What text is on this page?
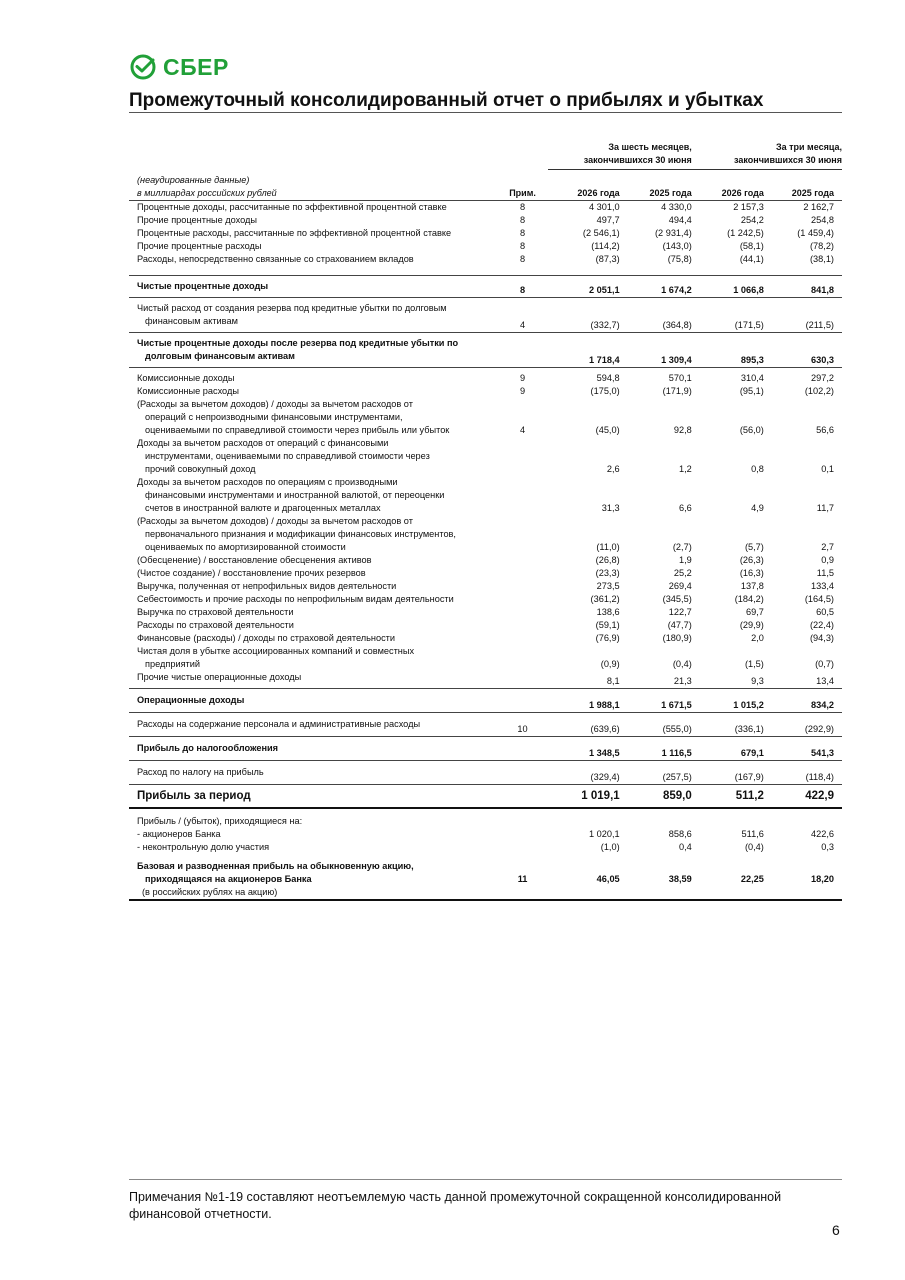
СБЕР
Промежуточный консолидированный отчет о прибылях и убытках
		За шесть месяцев,
закончившихся 30 июня		За три месяца,
закончившихся 30 июня	
(неаудированные данные)					
в миллиардах российских рублей	Прим.	2026 года	2025 года	2026 года	2025 года
Процентные доходы, рассчитанные по эффективной процентной ставке	8	4 301,0	4 330,0	2 157,3	2 162,7
Прочие процентные доходы	8	497,7	494,4	254,2	254,8
Процентные расходы, рассчитанные по эффективной процентной ставке	8	(2 546,1)	(2 931,4)	(1 242,5)	(1 459,4)
Прочие процентные расходы	8	(114,2)	(143,0)	(58,1)	(78,2)
Расходы, непосредственно связанные со страхованием вкладов	8	(87,3)	(75,8)	(44,1)	(38,1)

Чистые процентные доходы	8	2 051,1	1 674,2	1 066,8	841,8
Чистый расход от создания резерва под кредитные убытки по долговым					
финансовым активам	4	(332,7)	(364,8)	(171,5)	(211,5)
Чистые процентные доходы после резерва под кредитные убытки по					
долговым финансовым активам		1 718,4	1 309,4	895,3	630,3
Комиссионные доходы	9	594,8	570,1	310,4	297,2
Комиссионные расходы	9	(175,0)	(171,9)	(95,1)	(102,2)
(Расходы за вычетом доходов) / доходы за вычетом расходов от					
операций с непроизводными финансовыми инструментами,					
оцениваемыми по справедливой стоимости через прибыль или убыток	4	(45,0)	92,8	(56,0)	56,6
Доходы за вычетом расходов от операций с финансовыми					
инструментами, оцениваемыми по справедливой стоимости через					
прочий совокупный доход		2,6	1,2	0,8	0,1
Доходы за вычетом расходов по операциям с производными					
финансовыми инструментами и иностранной валютой, от переоценки					
счетов в иностранной валюте и драгоценных металлах		31,3	6,6	4,9	11,7
(Расходы за вычетом доходов) / доходы за вычетом расходов от					
первоначального признания и модификации финансовых инструментов,					
оцениваемых по амортизированной стоимости		(11,0)	(2,7)	(5,7)	2,7
(Обесценение) / восстановление обесценения активов		(26,8)	1,9	(26,3)	0,9
(Чистое создание) / восстановление прочих резервов		(23,3)	25,2	(16,3)	11,5
Выручка, полученная от непрофильных видов деятельности		273,5	269,4	137,8	133,4
Себестоимость и прочие расходы по непрофильным видам деятельности		(361,2)	(345,5)	(184,2)	(164,5)
Выручка по страховой деятельности		138,6	122,7	69,7	60,5
Расходы по страховой деятельности		(59,1)	(47,7)	(29,9)	(22,4)
Финансовые (расходы) / доходы по страховой деятельности		(76,9)	(180,9)	2,0	(94,3)
Чистая доля в убытке ассоциированных компаний и совместных					
предприятий		(0,9)	(0,4)	(1,5)	(0,7)
Прочие чистые операционные доходы		8,1	21,3	9,3	13,4
Операционные доходы		1 988,1	1 671,5	1 015,2	834,2
Расходы на содержание персонала и административные расходы	10	(639,6)	(555,0)	(336,1)	(292,9)
Прибыль до налогообложения		1 348,5	1 116,5	679,1	541,3
Расход по налогу на прибыль		(329,4)	(257,5)	(167,9)	(118,4)
Прибыль за период		1 019,1	859,0	511,2	422,9
Прибыль / (убыток), приходящиеся на:					
- акционеров Банка		1 020,1	858,6	511,6	422,6
- неконтрольную долю участия		(1,0)	0,4	(0,4)	0,3
Базовая и разводненная прибыль на обыкновенную акцию,					
приходящаяся на акционеров Банка	11	46,05	38,59	22,25	18,20
(в российских рублях на акцию)					
Примечания №1-19 составляют неотъемлемую часть данной промежуточной сокращенной консолидированной финансовой отчетности.
6
